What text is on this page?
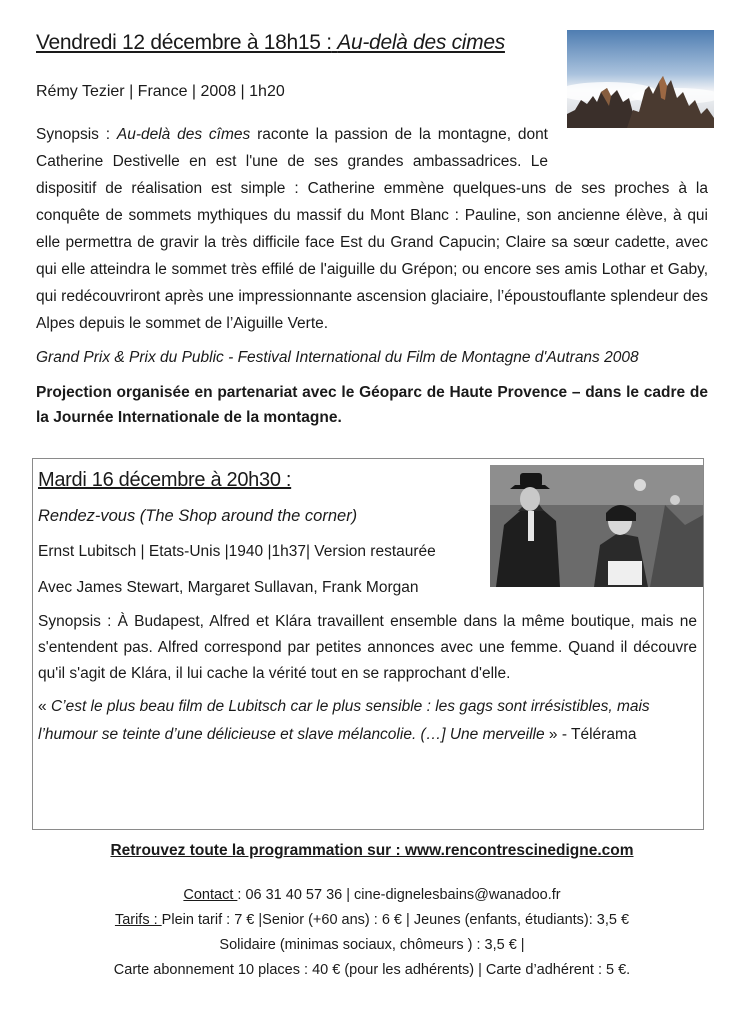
Vendredi 12 décembre à 18h15 : Au-delà des cimes
Rémy Tezier | France | 2008 | 1h20
Synopsis : Au-delà des cîmes raconte la passion de la montagne, dont Catherine Destivelle en est l'une de ses grandes ambassadrices. Le dispositif de réalisation est simple : Catherine emmène quelques-uns de ses proches à la conquête de sommets mythiques du massif du Mont Blanc : Pauline, son ancienne élève, à qui elle permettra de gravir la très difficile face Est du Grand Capucin; Claire sa sœur cadette, avec qui elle atteindra le sommet très effilé de l'aiguille du Grépon; ou encore ses amis Lothar et Gaby, qui redécouvriront après une impressionnante ascension glaciaire, l’époustouflante splendeur des Alpes depuis le sommet de l’Aiguille Verte.
Grand Prix & Prix du Public - Festival International du Film de Montagne d'Autrans 2008
Projection organisée en partenariat avec le Géoparc de Haute Provence – dans le cadre de la Journée Internationale de la montagne.
Mardi 16 décembre à 20h30 :
Rendez-vous (The Shop around the corner)
Ernst Lubitsch | Etats-Unis |1940 |1h37| Version restaurée
Avec James Stewart, Margaret Sullavan, Frank Morgan
Synopsis : À Budapest, Alfred et Klára travaillent ensemble dans la même boutique, mais ne s'entendent pas. Alfred correspond par petites annonces avec une femme. Quand il découvre qu'il s'agit de Klára, il lui cache la vérité tout en se rapprochant d'elle.
« C’est le plus beau film de Lubitsch car le plus sensible : les gags sont irrésistibles, mais l’humour se teinte d’une délicieuse et slave mélancolie. (…] Une merveille » - Télérama
Retrouvez toute la programmation sur : www.rencontrescinedigne.com
Contact : 06 31 40 57 36 | cine-dignelesbains@wanadoo.fr
Tarifs : Plein tarif : 7 € |Senior (+60 ans) : 6 € | Jeunes (enfants, étudiants): 3,5 €
Solidaire (minimas sociaux, chômeurs ) : 3,5 € |
Carte abonnement 10 places : 40 € (pour les adhérents) | Carte d’adhérent : 5 €.
